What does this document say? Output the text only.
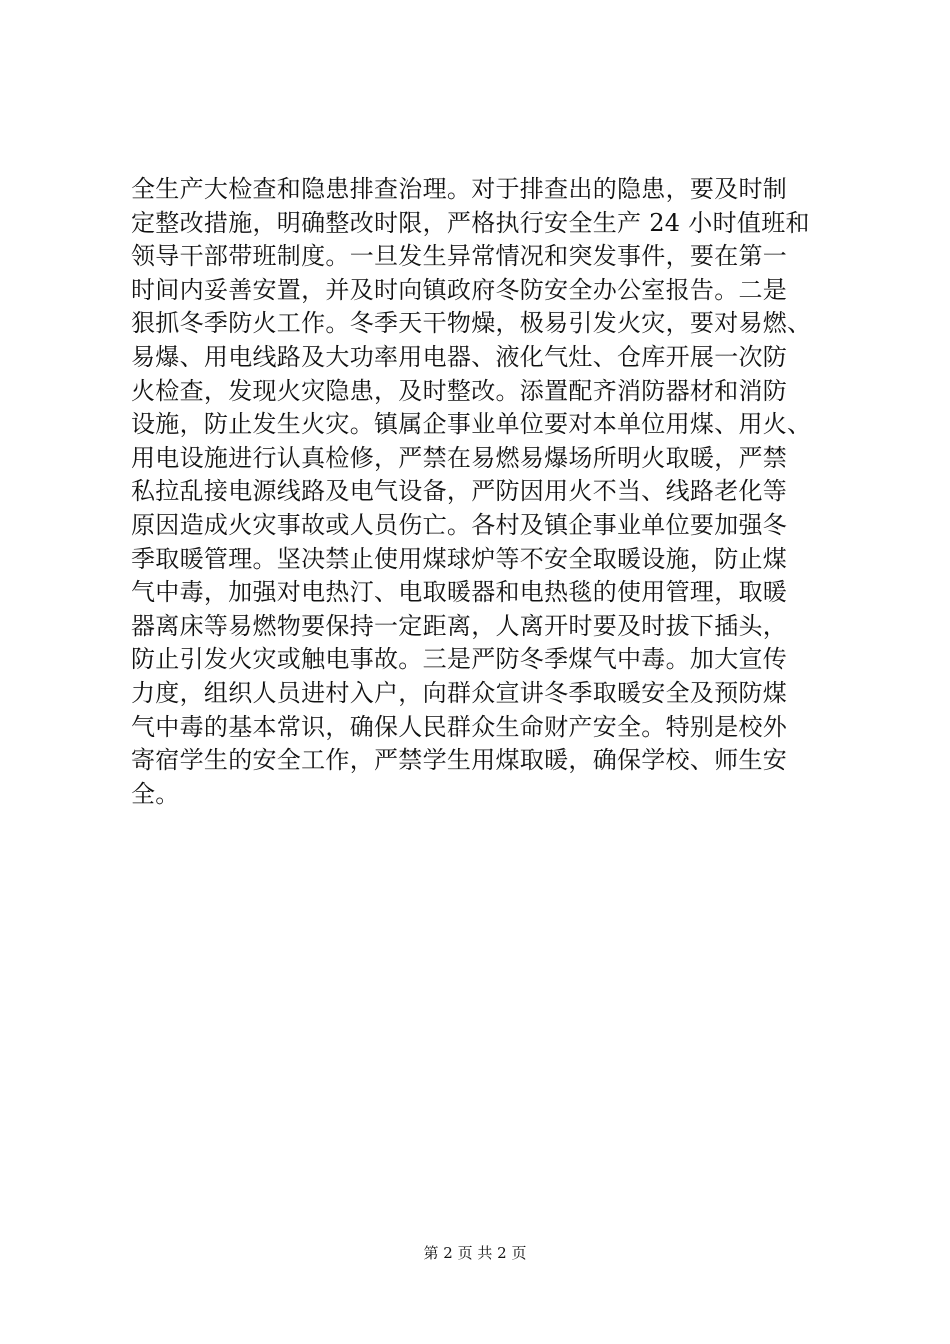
全生产大检查和隐患排查治理。对于排查出的隐患，要及时制
定整改措施，明确整改时限，严格执行安全生产 24 小时值班和
领导干部带班制度。一旦发生异常情况和突发事件，要在第一
时间内妥善安置，并及时向镇政府冬防安全办公室报告。二是
狠抓冬季防火工作。冬季天干物燥，极易引发火灾，要对易燃、
易爆、用电线路及大功率用电器、液化气灶、仓库开展一次防
火检查，发现火灾隐患，及时整改。添置配齐消防器材和消防
设施，防止发生火灾。镇属企事业单位要对本单位用煤、用火、
用电设施进行认真检修，严禁在易燃易爆场所明火取暖，严禁
私拉乱接电源线路及电气设备，严防因用火不当、线路老化等
原因造成火灾事故或人员伤亡。各村及镇企事业单位要加强冬
季取暖管理。坚决禁止使用煤球炉等不安全取暖设施，防止煤
气中毒，加强对电热汀、电取暖器和电热毯的使用管理，取暖
器离床等易燃物要保持一定距离，人离开时要及时拔下插头，
防止引发火灾或触电事故。三是严防冬季煤气中毒。加大宣传
力度，组织人员进村入户，向群众宣讲冬季取暖安全及预防煤
气中毒的基本常识，确保人民群众生命财产安全。特别是校外
寄宿学生的安全工作，严禁学生用煤取暖，确保学校、师生安
全。
第 2 页 共 2 页
